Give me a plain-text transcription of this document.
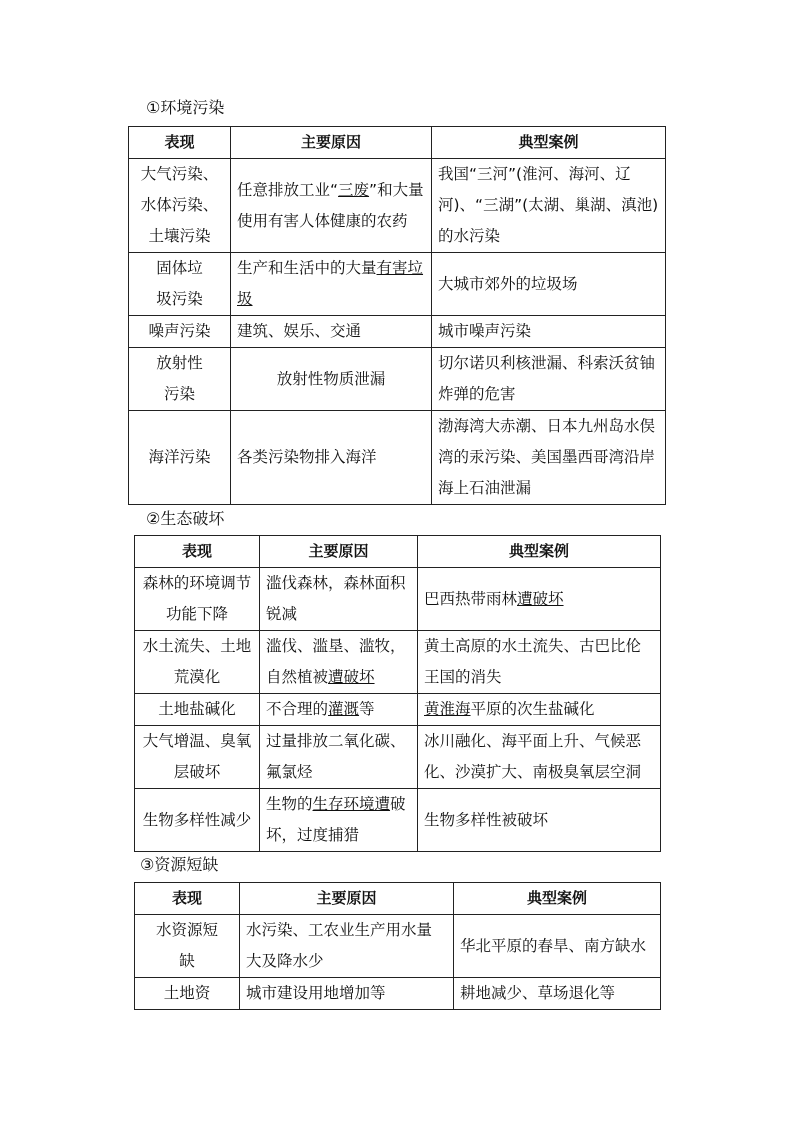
①环境污染
表现	主要原因	典型案例
大气污染、水体污染、土壤污染	任意排放工业“三废”和大量使用有害人体健康的农药	我国“三河”(淮河、海河、辽河)、“三湖”(太湖、巢湖、滇池)的水污染
固体垃圾污染	生产和生活中的大量有害垃圾	大城市郊外的垃圾场
噪声污染	建筑、娱乐、交通	城市噪声污染
放射性污染	放射性物质泄漏	切尔诺贝利核泄漏、科索沃贫铀炸弹的危害
海洋污染	各类污染物排入海洋	渤海湾大赤潮、日本九州岛水俣湾的汞污染、美国墨西哥湾沿岸海上石油泄漏
②生态破坏
表现	主要原因	典型案例
森林的环境调节功能下降	滥伐森林，森林面积锐减	巴西热带雨林遭破坏
水土流失、土地荒漠化	滥伐、滥垦、滥牧，自然植被遭破坏	黄土高原的水土流失、古巴比伦王国的消失
土地盐碱化	不合理的灌溉等	黄淮海平原的次生盐碱化
大气增温、臭氧层破坏	过量排放二氧化碳、氟氯烃	冰川融化、海平面上升、气候恶化、沙漠扩大、南极臭氧层空洞
生物多样性减少	生物的生存环境遭破坏，过度捕猎	生物多样性被破坏
③资源短缺
表现	主要原因	典型案例
水资源短缺	水污染、工农业生产用水量大及降水少	华北平原的春旱、南方缺水
土地资	城市建设用地增加等	耕地减少、草场退化等
